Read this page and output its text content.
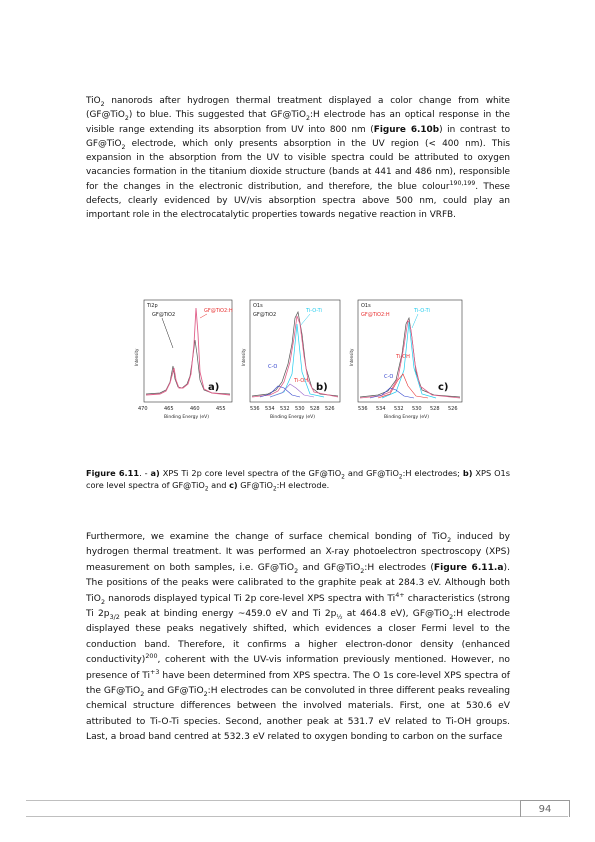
TiO$_2$ nanorods after hydrogen thermal treatment displayed a color change from white (GF@TiO$_2$) to blue. This suggested that GF@TiO$_2$:H electrode has an optical response in the visible range extending its absorption from UV into 800 nm (Figure 6.10b) in contrast to GF@TiO$_2$ electrode, which only presents absorption in the UV region (< 400 nm). This expansion in the absorption from the UV to visible spectra could be attributed to oxygen vacancies formation in the titanium dioxide structure (bands at 441 and 486 nm), responsible for the changes in the electronic distribution, and therefore, the blue colour$^{190,199}$. These defects, clearly evidenced by UV/vis absorption spectra above 500 nm, could play an important role in the electrocatalytic properties towards negative reaction in VRFB.

Ti2p
GF@TiO2
GF@TiO2:H
a)
Intensity
470	465	460	455
Binding Energy (eV)
O1s
GF@TiO2
Ti-O-Ti
C-O
Ti-OH
b)
Intensity
536 534 532 530 528 526
Binding Energy (eV)
O1s
GF@TiO2:H
Ti-O-Ti
Ti-OH
C-O
c)
Intensity
536 534 532 530 528 526
Binding Energy (eV)

Figure 6.11. - a) XPS Ti 2p core level spectra of the GF@TiO$_2$ and GF@TiO$_2$:H electrodes; b) XPS O1s core level spectra of GF@TiO$_2$ and c) GF@TiO$_2$:H electrode.

Furthermore, we examine the change of surface chemical bonding of TiO$_2$ induced by hydrogen thermal treatment. It was performed an X-ray photoelectron spectroscopy (XPS) measurement on both samples, i.e. GF@TiO$_2$ and GF@TiO$_2$:H electrodes (Figure 6.11.a). The positions of the peaks were calibrated to the graphite peak at 284.3 eV. Although both TiO$_2$ nanorods displayed typical Ti 2p core-level XPS spectra with $Ti^{4+}$ characteristics (strong Ti $2p_{3/2}$ peak at binding energy ~459.0 eV and Ti $2p_{\frac{1}{2}}$ at 464.8 eV), GF@TiO$_2$:H electrode displayed these peaks negatively shifted, which evidences a closer Fermi level to the conduction band. Therefore, it confirms a higher electron-donor density (enhanced conductivity)$^{200}$, coherent with the UV-vis information previously mentioned. However, no presence of $Ti^{+3}$ have been determined from XPS spectra. The O 1s core-level XPS spectra of the GF@TiO$_2$ and GF@TiO$_2$:H electrodes can be convoluted in three different peaks revealing chemical structure differences between the involved materials. First, one at 530.6 eV attributed to Ti-O-Ti species. Second, another peak at 531.7 eV related to Ti-OH groups. Last, a broad band centred at 532.3 eV related to oxygen bonding to carbon on the surface

94
